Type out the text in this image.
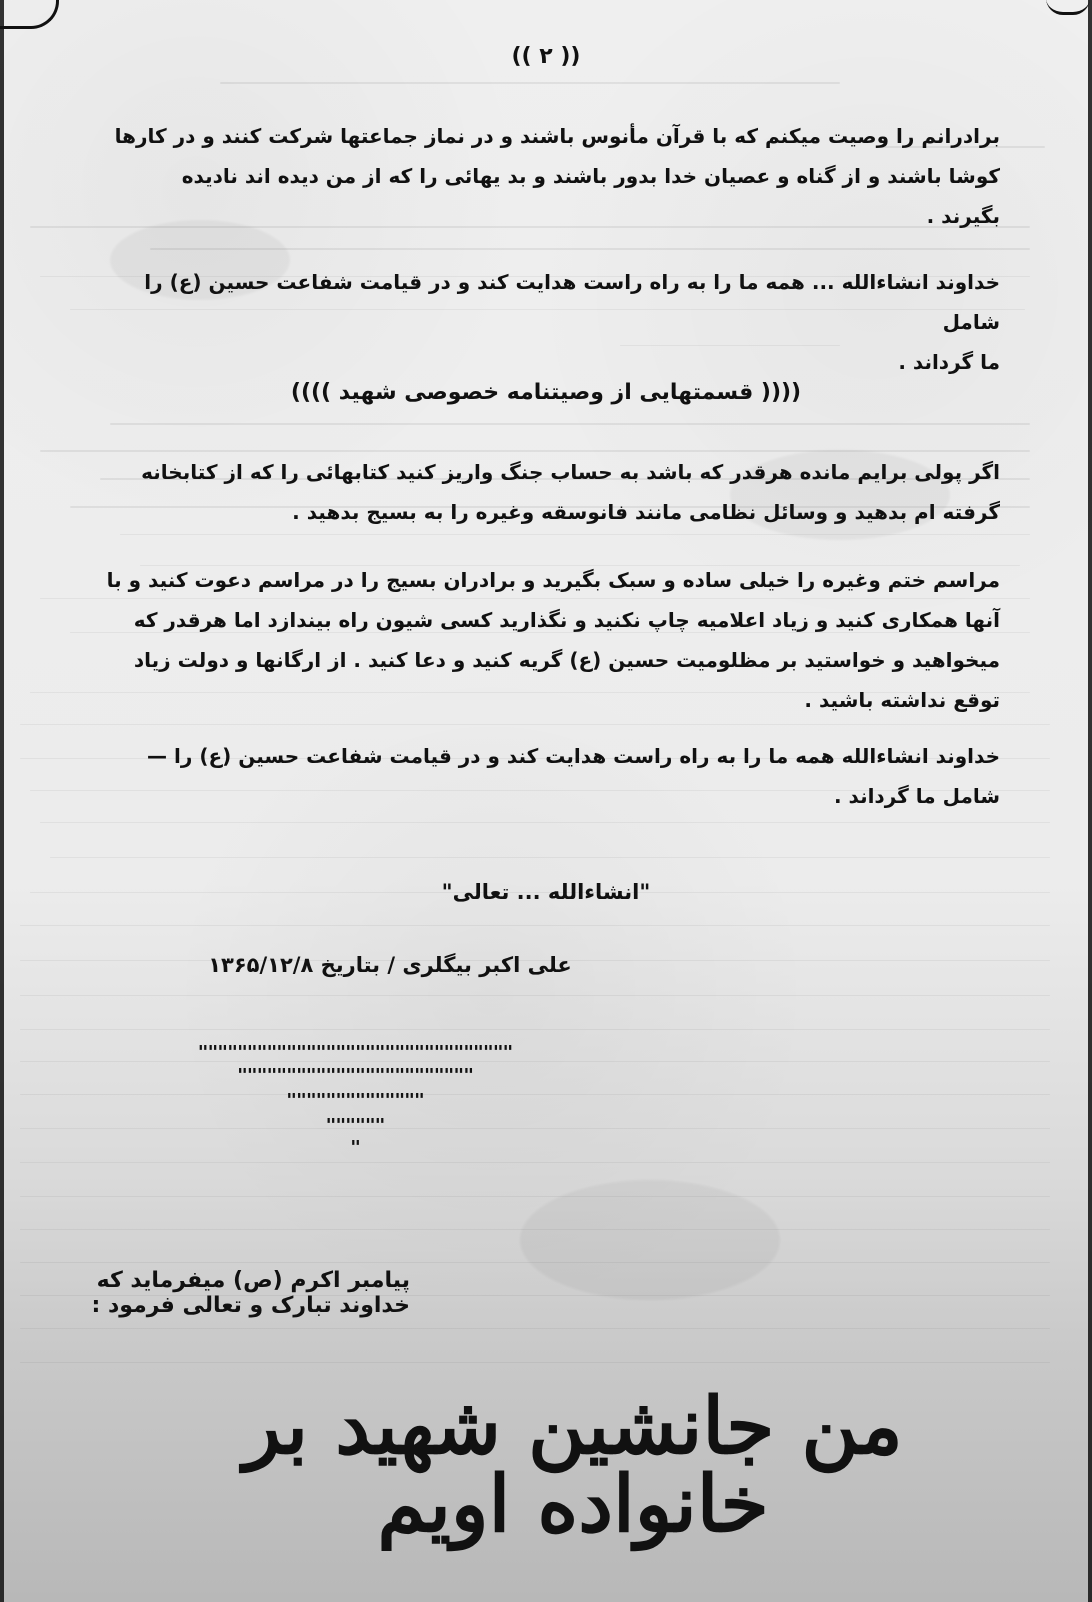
(( ۲ ))
برادرانم را وصیت میکنم که با قرآن مأنوس باشند و در نماز جماعتها شرکت کنند و در کارها
کوشا باشند و از گناه و عصیان خدا بدور باشند و بد یهائی را که از من دیده اند نادیده
بگیرند .
خداوند انشاءالله ... همه ما را به راه راست هدایت کند و در قیامت شفاعت حسین (ع) را شامل
ما گرداند .
(((( قسمتهایی از وصیتنامه خصوصی شهید ))))
اگر پولی برایم مانده هرقدر که باشد به حساب جنگ واریز کنید کتابهائی را که از کتابخانه
گرفته ام بدهید و وسائل نظامی مانند فانوسقه وغیره را به بسیج بدهید .
مراسم ختم وغیره را خیلی ساده و سبک بگیرید و برادران بسیج را در مراسم دعوت کنید و با
آنها همکاری کنید و زیاد اعلامیه چاپ نکنید و نگذارید کسی شیون راه بیندازد اما هرقدر که
میخواهید و خواستید بر مظلومیت حسین (ع) گریه کنید و دعا کنید . از ارگانها و دولت زیاد
توقع نداشته باشید .
خداوند انشاءالله همه ما را به راه راست هدایت کند و در قیامت شفاعت حسین (ع) را —
شامل ما گرداند .
"انشاءالله ... تعالی"
علی اکبر بیگلری / بتاریخ ۱۳۶۵/۱۲/۸
""""""""""""""""""""""""""""""""
""""""""""""""""""""""""
""""""""""""""
""""""
"
پیامبر اکرم (ص) میفرماید که خداوند تبارک و تعالی فرمود :
من جانشین شهید بر خانواده اویم
